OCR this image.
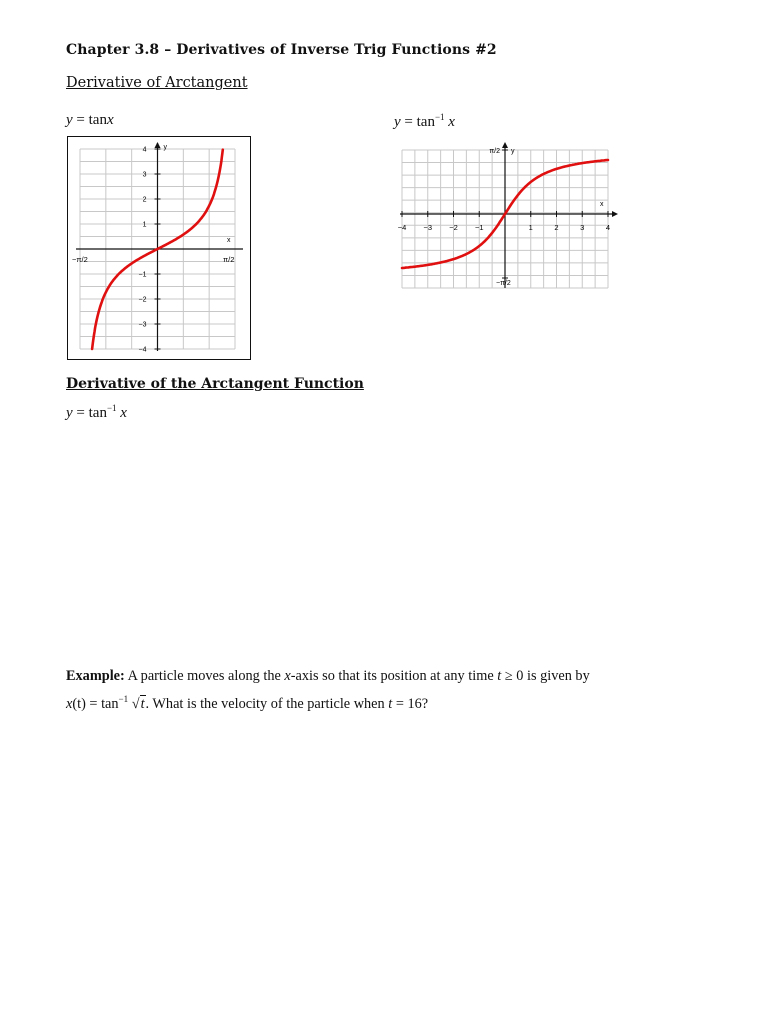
Chapter 3.8 – Derivatives of Inverse Trig Functions #2
Derivative of Arctangent
y = tanx	$y = \tan^{-1} x$
y
x
4
3
2
1
−1
−2
−3
−4
−π/2	π/2
y
x
−4 −3 −2 −1	1	2	3	4
π/2
−π/2
Derivative of the Arctangent Function
$y = \tan^{-1} x$
Example: A particle moves along the x-axis so that its position at any time t ≥ 0 is given by
$x(t) = \tan^{-1} √t$. What is the velocity of the particle when t = 16?
